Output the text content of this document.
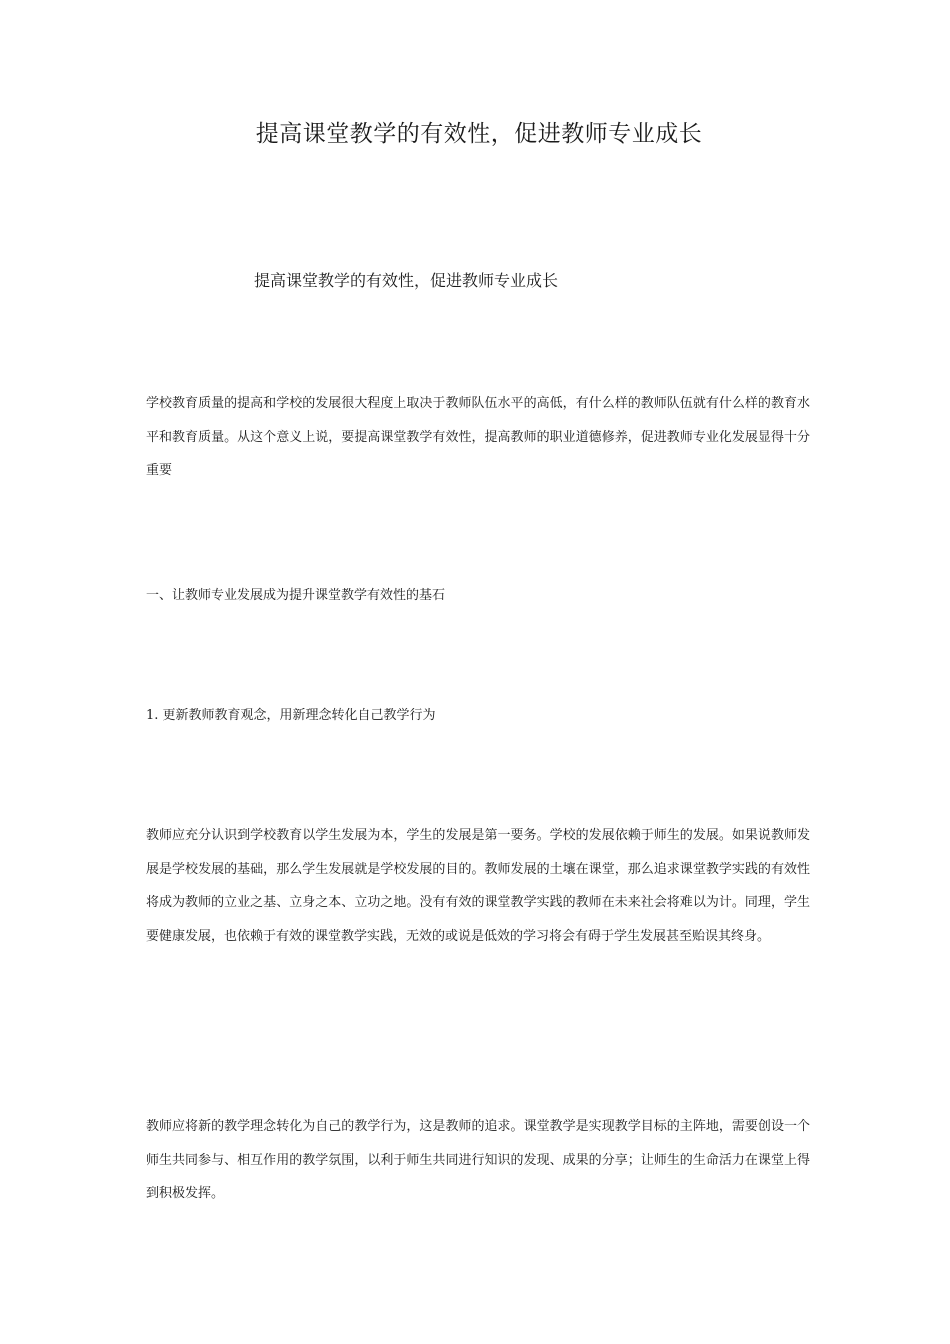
提高课堂教学的有效性，促进教师专业成长
提高课堂教学的有效性，促进教师专业成长

学校教育质量的提高和学校的发展很大程度上取决于教师队伍水平的高低，有什么样的教师队伍就有什么样的教育水平和教育质量。从这个意义上说，要提高课堂教学有效性，提高教师的职业道德修养，促进教师专业化发展显得十分重要

一、让教师专业发展成为提升课堂教学有效性的基石
1. 更新教师教育观念，用新理念转化自己教学行为

教师应充分认识到学校教育以学生发展为本，学生的发展是第一要务。学校的发展依赖于师生的发展。如果说教师发展是学校发展的基础，那么学生发展就是学校发展的目的。教师发展的土壤在课堂，那么追求课堂教学实践的有效性将成为教师的立业之基、立身之本、立功之地。没有有效的课堂教学实践的教师在未来社会将难以为计。同理，学生要健康发展，也依赖于有效的课堂教学实践，无效的或说是低效的学习将会有碍于学生发展甚至贻误其终身。

教师应将新的教学理念转化为自己的教学行为，这是教师的追求。课堂教学是实现教学目标的主阵地，需要创设一个师生共同参与、相互作用的教学氛围，以利于师生共同进行知识的发现、成果的分享；让师生的生命活力在课堂上得到积极发挥。
